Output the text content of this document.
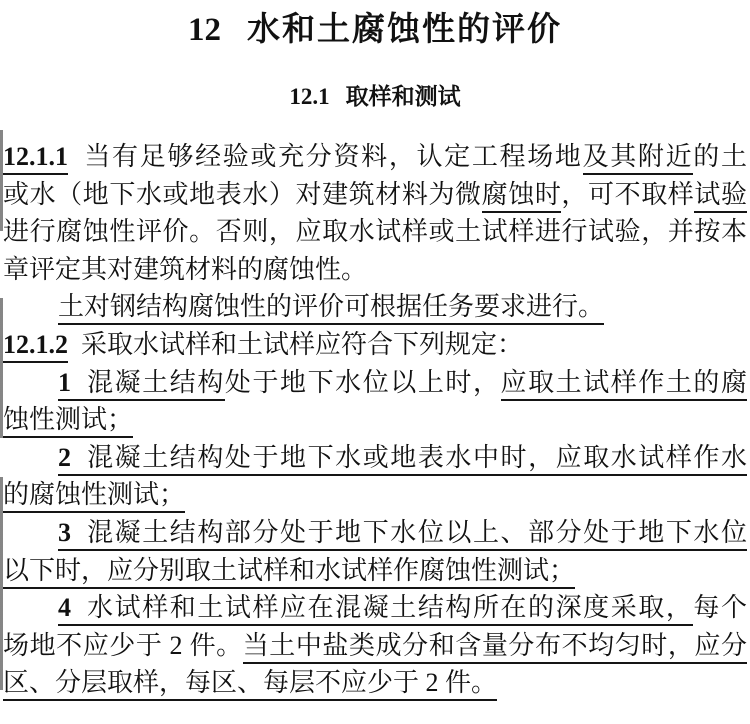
12 水和土腐蚀性的评价
12.1 取样和测试
12.1.1  当有足够经验或充分资料，认定工程场地及其附近的土
或水（地下水或地表水）对建筑材料为微腐蚀时，可不取样试验
进行腐蚀性评价。否则，应取水试样或土试样进行试验，并按本
章评定其对建筑材料的腐蚀性。
土对钢结构腐蚀性的评价可根据任务要求进行。
12.1.2  采取水试样和土试样应符合下列规定：
1  混凝土结构处于地下水位以上时，应取土试样作土的腐
蚀性测试；
2  混凝土结构处于地下水或地表水中时，应取水试样作水
的腐蚀性测试；
3  混凝土结构部分处于地下水位以上、部分处于地下水位
以下时，应分别取土试样和水试样作腐蚀性测试；
4  水试样和土试样应在混凝土结构所在的深度采取，每个
场地不应少于 2 件。当土中盐类成分和含量分布不均匀时，应分
区、分层取样，每区、每层不应少于 2 件。
